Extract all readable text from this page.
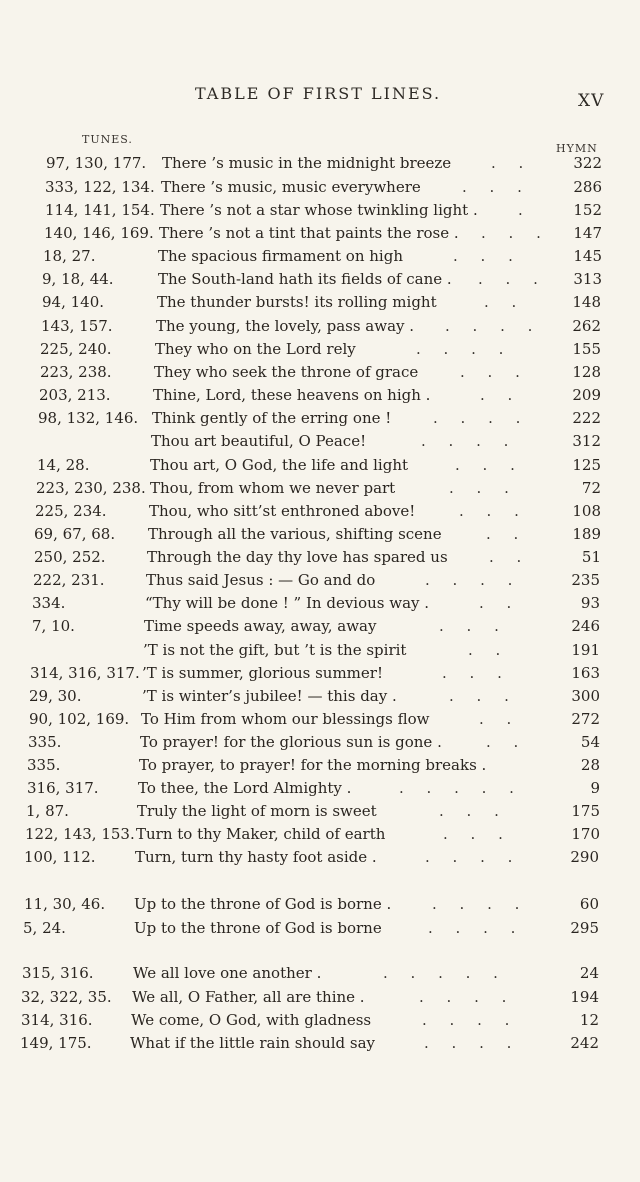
TABLE OF FIRST LINES.	XV
TUNES.
HYMN
97, 130, 177. There ’s music in the midnight breeze	. .	322
333, 122, 134. There ’s music, music everywhere	. . .	286
114, 141, 154. There ’s not a star whose twinkling light .	.	152
140, 146, 169. There ’s not a tint that paints the rose . . . .	147
18, 27.	The spacious firmament on high	. . .	145
9, 18, 44.	The South-land hath its fields of cane . . . .	313
94, 140.	The thunder bursts! its rolling might	. .	148
143, 157.	The young, the lovely, pass away . . . . .	262
225, 240.	They who on the Lord rely	. . . .	155
223, 238.	They who seek the throne of grace	. . .	128
203, 213.	Thine, Lord, these heavens on high .	. .	209
98, 132, 146. Think gently of the erring one !	. . . .	222
Thou art beautiful, O Peace!	. . . .	312
14, 28.	Thou art, O God, the life and light	. . .	125
223, 230, 238. Thou, from whom we never part	. . .	72
225, 234.	Thou, who sitt’st enthroned above!	. . .	108
69, 67, 68. Through all the various, shifting scene	. .	189
250, 252.	Through the day thy love has spared us	. .	51
222, 231.	Thus said Jesus : — Go and do	. . . .	235
334.	“Thy will be done ! ” In devious way .	. .	93
7, 10.	Time speeds away, away, away	. . .	246
’T is not the gift, but ’t is the spirit	. .	191
314, 316, 317. ’T is summer, glorious summer!	. . .	163
29, 30.	’T is winter’s jubilee! — this day .	. . .	300
90, 102, 169. To Him from whom our blessings flow	. .	272
335.	To prayer! for the glorious sun is gone .	. .	54
335.	To prayer, to prayer! for the morning breaks .	28
316, 317.	To thee, the Lord Almighty .	. . . . .	9
1, 87.	Truly the light of morn is sweet	. . .	175
122, 143, 153. Turn to thy Maker, child of earth	. . .	170
100, 112.	Turn, turn thy hasty foot aside .	. . . .	290
11, 30, 46. Up to the throne of God is borne .	. . . .	60
5, 24.	Up to the throne of God is borne	. . . .	295
315, 316.	We all love one another .	. . . . .	24
32, 322, 35. We all, O Father, all are thine .	. . . .	194
314, 316.	We come, O God, with gladness	. . . .	12
149, 175.	What if the little rain should say	. . . .	242
